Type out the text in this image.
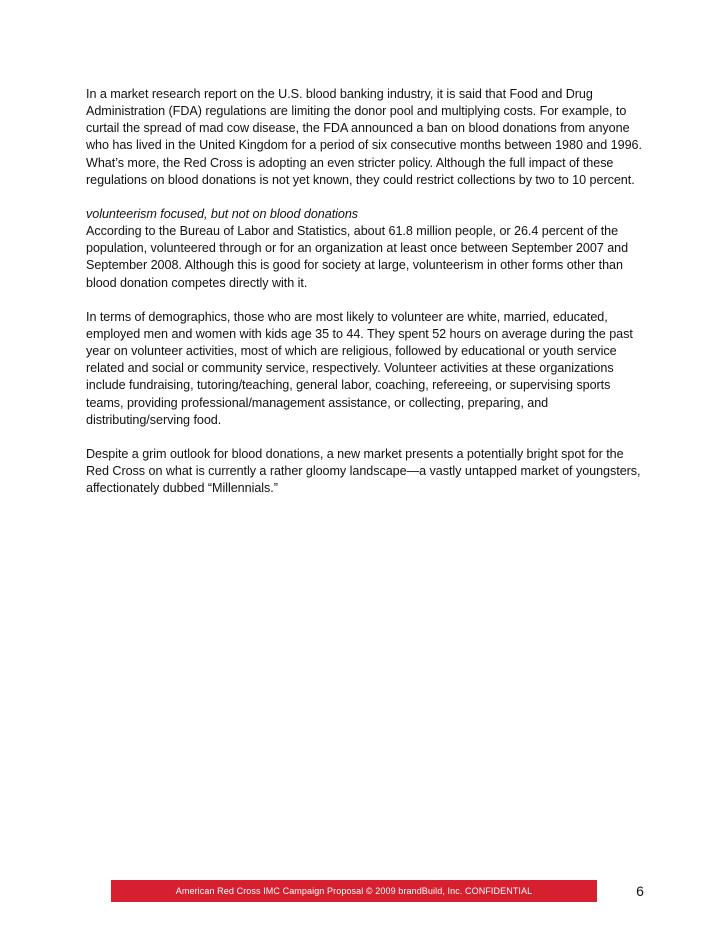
In a market research report on the U.S. blood banking industry, it is said that Food and Drug Administration (FDA) regulations are limiting the donor pool and multiplying costs. For example, to curtail the spread of mad cow disease, the FDA announced a ban on blood donations from anyone who has lived in the United Kingdom for a period of six consecutive months between 1980 and 1996. What’s more, the Red Cross is adopting an even stricter policy. Although the full impact of these regulations on blood donations is not yet known, they could restrict collections by two to 10 percent.

volunteerism focused, but not on blood donations
According to the Bureau of Labor and Statistics, about 61.8 million people, or 26.4 percent of the population, volunteered through or for an organization at least once between September 2007 and September 2008. Although this is good for society at large, volunteerism in other forms other than blood donation competes directly with it.

In terms of demographics, those who are most likely to volunteer are white, married, educated, employed men and women with kids age 35 to 44. They spent 52 hours on average during the past year on volunteer activities, most of which are religious, followed by educational or youth service related and social or community service, respectively. Volunteer activities at these organizations include fundraising, tutoring/teaching, general labor, coaching, refereeing, or supervising sports teams, providing professional/management assistance, or collecting, preparing, and distributing/serving food.

Despite a grim outlook for blood donations, a new market presents a potentially bright spot for the Red Cross on what is currently a rather gloomy landscape—a vastly untapped market of youngsters, affectionately dubbed “Millennials.”

American Red Cross IMC Campaign Proposal © 2009 brandBuild, Inc. CONFIDENTIAL	6
